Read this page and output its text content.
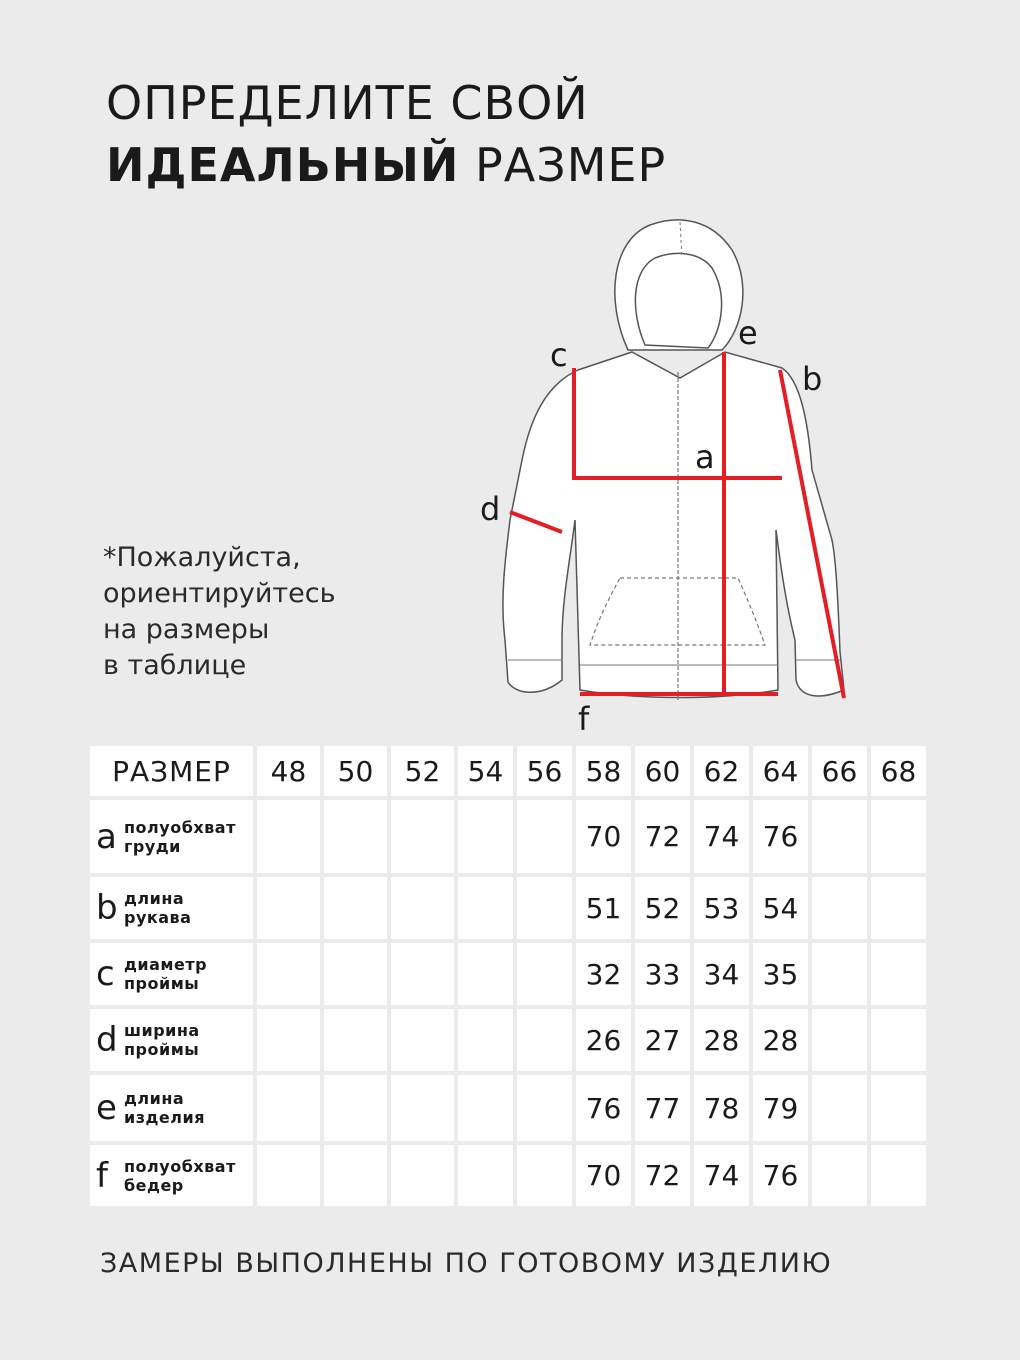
ОПРЕДЕЛИТЕ СВОЙ
ИДЕАЛЬНЫЙ РАЗМЕР
*Пожалуйста,
ориентируйтесь
на размеры
в таблице
a
b
c
d
e
f
РАЗМЕР	48	50	52	54	56	58	60	62	64	66	68

a полуобхват
груди						70	72	74	76		

b длина
рукава						51	52	53	54		

c диаметр
проймы						32	33	34	35		

d ширина
проймы						26	27	28	28		

e длина
изделия						76	77	78	79		

f полуобхват
бедер						70	72	74	76		
ЗАМЕРЫ ВЫПОЛНЕНЫ ПО ГОТОВОМУ ИЗДЕЛИЮ
